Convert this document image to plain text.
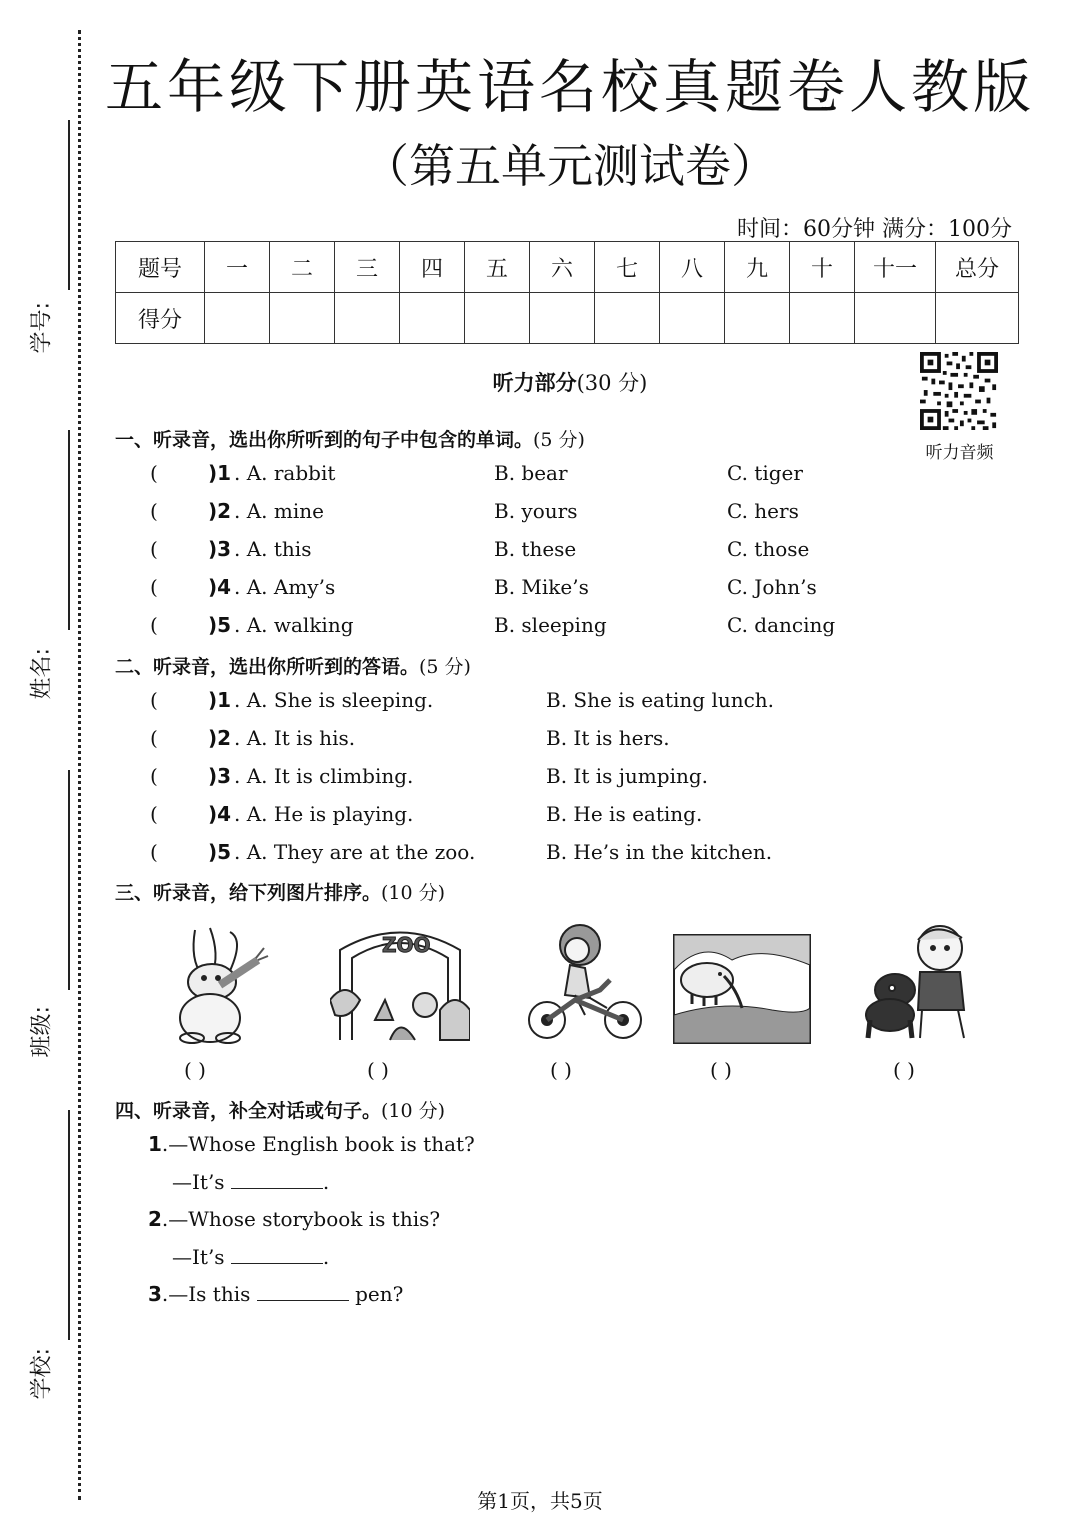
学号:
姓名:
班级:
学校:
五年级下册英语名校真题卷人教版
（第五单元测试卷）
时间：60分钟 满分：100分
题号	一	二	三	四	五	六	七	八	九	十	十一	总分
得分												
听力部分(30 分)
听力音频
一、听录音，选出你所听到的句子中包含的单词。(5 分)
(	)1 . A. rabbit	B. bear	C. tiger
(	)2 . A. mine	B. yours	C. hers
(	)3 . A. this	B. these	C. those
(	)4 . A. Amy’s	B. Mike’s	C. John’s
(	)5 . A. walking	B. sleeping	C. dancing
二、听录音，选出你所听到的答语。(5 分)
(	)1 . A. She is sleeping.	B. She is eating lunch.
(	)2 . A. It is his.	B. It is hers.
(	)3 . A. It is climbing.	B. It is jumping.
(	)4 . A. He is playing.	B. He is eating.
(	)5 . A. They are at the zoo.	B. He’s in the kitchen.
三、听录音，给下列图片排序。(10 分)
ZOO
( )	( )	( )	( )	( )
四、听录音，补全对话或句子。(10 分)
1.—Whose English book is that?
—It’s	.
2.—Whose storybook is this?
—It’s	.
3.—Is this	pen?
第1页，共5页
